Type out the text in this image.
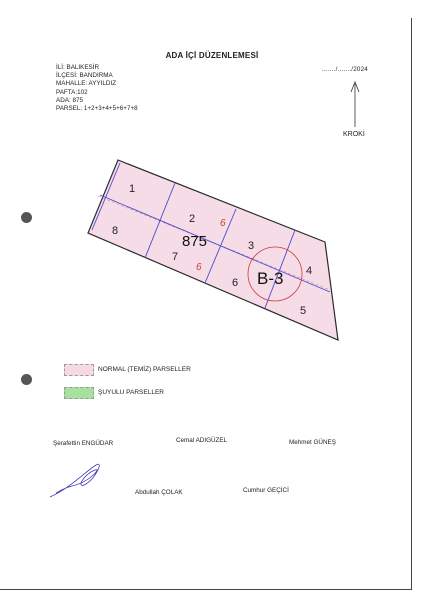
ADA İÇİ DÜZENLEMESİ
İLİ: BALIKESİR
İLÇESİ: BANDIRMA
MAHALLE: AYYILDIZ
PAFTA:102
ADA: 875
PARSEL: 1+2+3+4+5+6+7+8
......./......./2024
1
2
3
4
5
6
7
8
6
6
875
B-3
KROKİ
NORMAL (TEMİZ) PARSELLER
ŞUYULU PARSELLER
Şerafettin ENGÜDAR	Cemal ADIGÜZEL	Mehmet GÜNEŞ
Abdullah ÇOLAK	Cumhur GEÇİCİ
